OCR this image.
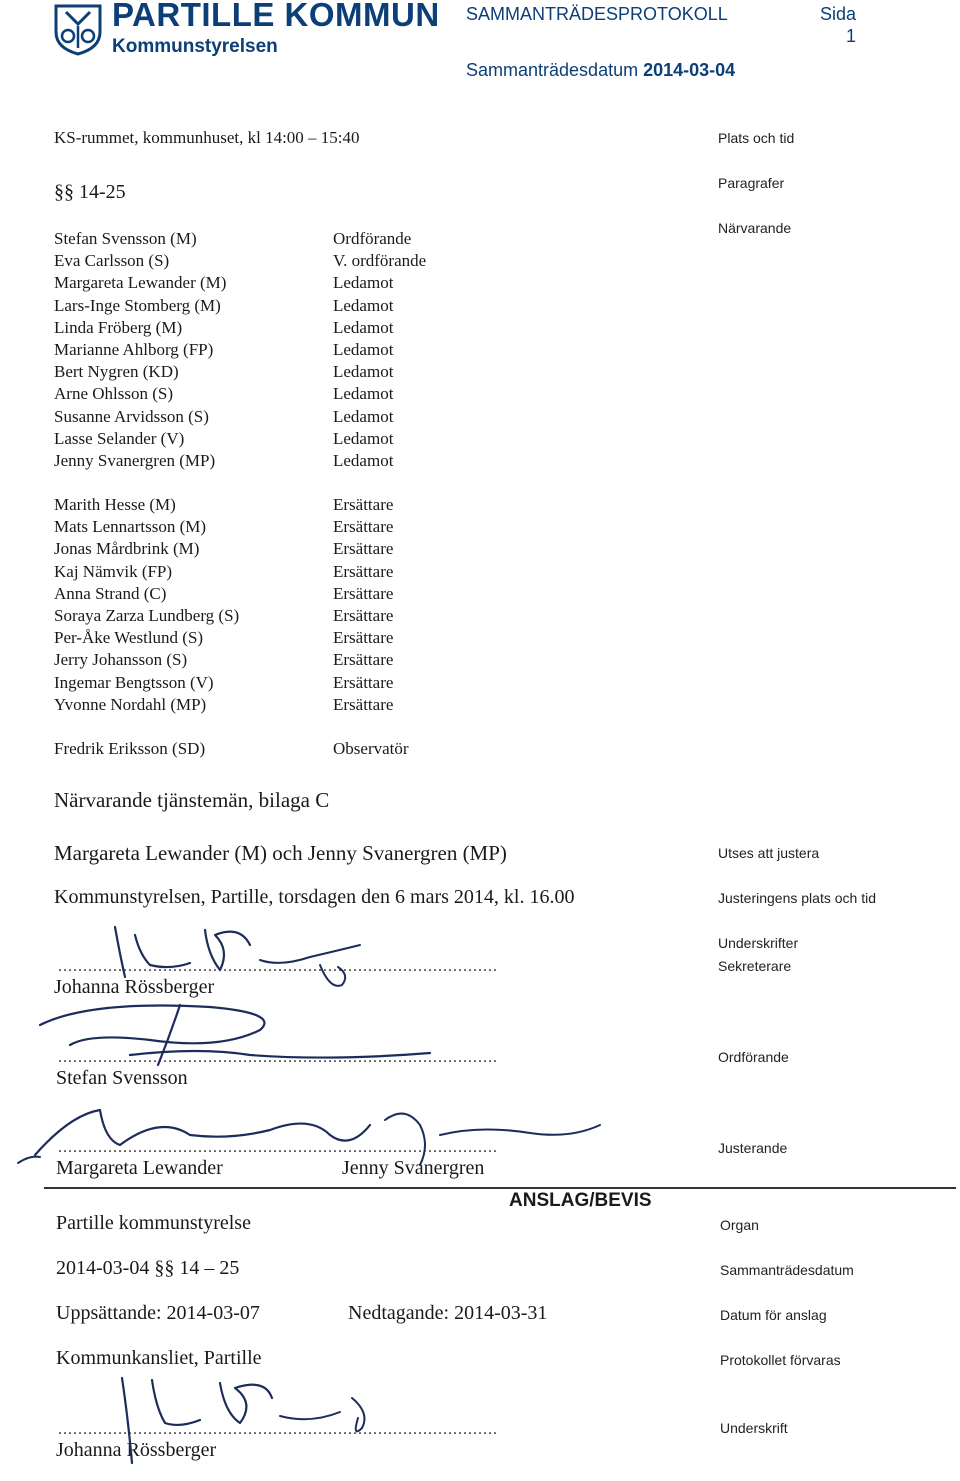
PARTILLE KOMMUN
Kommunstyrelsen
SAMMANTRÄDESPROTOKOLL	Sida
1
Sammanträdesdatum 2014-03-04
KS-rummet, kommunhuset, kl 14:00 – 15:40	Plats och tid
§§ 14-25	Paragrafer
Närvarande
Stefan Svensson (M)	Ordförande
Eva Carlsson (S)	V. ordförande
Margareta Lewander (M)	Ledamot
Lars-Inge Stomberg (M)	Ledamot
Linda Fröberg (M)	Ledamot
Marianne Ahlborg (FP)	Ledamot
Bert Nygren (KD)	Ledamot
Arne Ohlsson (S)	Ledamot
Susanne Arvidsson (S)	Ledamot
Lasse Selander (V)	Ledamot
Jenny Svanergren (MP)	Ledamot
Marith Hesse (M)	Ersättare
Mats Lennartsson (M)	Ersättare
Jonas Mårdbrink (M)	Ersättare
Kaj Nämvik (FP)	Ersättare
Anna Strand (C)	Ersättare
Soraya Zarza Lundberg (S)	Ersättare
Per-Åke Westlund (S)	Ersättare
Jerry Johansson (S)	Ersättare
Ingemar Bengtsson (V)	Ersättare
Yvonne Nordahl (MP)	Ersättare
Fredrik Eriksson (SD)	Observatör
Närvarande tjänstemän, bilaga C
Margareta Lewander (M) och Jenny Svanergren (MP)	Utses att justera
Kommunstyrelsen, Partille, torsdagen den 6 mars 2014, kl. 16.00	Justeringens plats och tid
Underskrifter
Sekreterare
........................................................................................
Johanna Rössberger
........................................................................................
Stefan Svensson
Ordförande
........................................................................................
Margareta Lewander	Jenny Svanergren
Justerande
ANSLAG/BEVIS
Partille kommunstyrelse	Organ
2014-03-04 §§ 14 – 25	Sammanträdesdatum
Uppsättande: 2014-03-07	Nedtagande: 2014-03-31	Datum för anslag
Kommunkansliet, Partille	Protokollet förvaras
........................................................................................
Johanna Rössberger
Underskrift
